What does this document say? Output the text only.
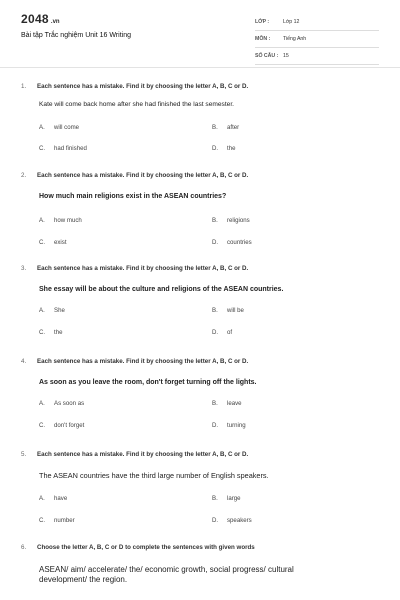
2048 .vn
Bài tập Trắc nghiệm Unit 16 Writing
LỚP :	Lớp 12
MÔN :	Tiếng Anh
SỐ CÂU : 15
1. Each sentence has a mistake. Find it by choosing the letter A, B, C or D.
Kate will come back home after she had finished the last semester.
A.	will come	B.	after
C.	had finished	D.	the
2. Each sentence has a mistake. Find it by choosing the letter A, B, C or D.
How much main religions exist in the ASEAN countries?
A.	how much	B.	religions
C.	exist	D.	countries
3. Each sentence has a mistake. Find it by choosing the letter A, B, C or D.
She essay will be about the culture and religions of the ASEAN countries.
A.	She	B.	will be
C.	the	D.	of
4. Each sentence has a mistake. Find it by choosing the letter A, B, C or D.
As soon as you leave the room, don't forget turning off the lights.
A.	As soon as	B.	leave
C.	don't forget	D.	turning
5. Each sentence has a mistake. Find it by choosing the letter A, B, C or D.
The ASEAN countries have the third large number of English speakers.
A.	have	B.	large
C.	number	D.	speakers
6. Choose the letter A, B, C or D to complete the sentences with given words
ASEAN/ aim/ accelerate/ the/ economic growth, social progress/ cultural development/ the region.
